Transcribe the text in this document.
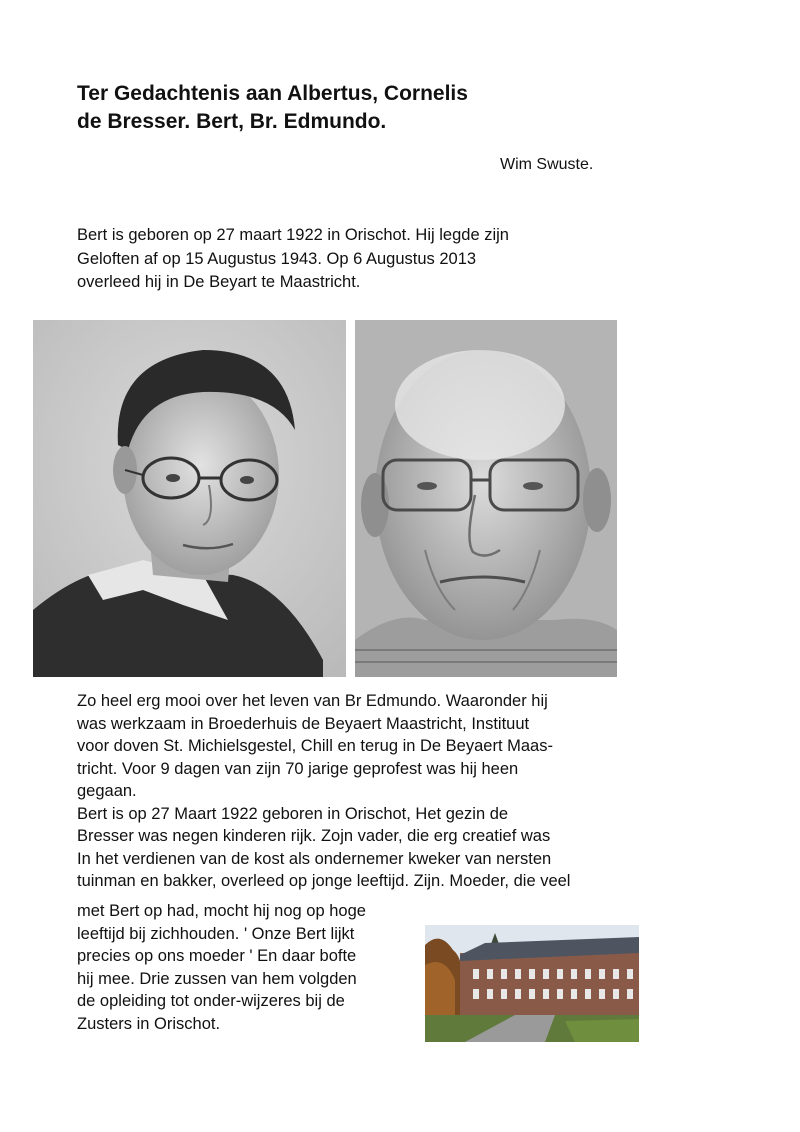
Ter Gedachtenis aan Albertus, Cornelis
de Bresser. Bert, Br. Edmundo.
Wim Swuste.

Bert is geboren op 27 maart 1922 in Orischot. Hij legde zijn
Geloften af op 15 Augustus 1943. Op 6 Augustus 2013
overleed hij in De Beyart te Maastricht.

Zo heel erg mooi over het leven van Br Edmundo. Waaronder hij
was werkzaam in Broederhuis de Beyaert Maastricht, Instituut
voor doven St. Michielsgestel, Chill en terug in De Beyaert Maas-
tricht. Voor 9 dagen van zijn 70 jarige geprofest was hij heen
gegaan.
Bert is op 27 Maart 1922 geboren in Orischot, Het gezin de
Bresser was negen kinderen rijk. Zojn vader, die erg creatief was
In het verdienen van de kost als ondernemer kweker van nersten
tuinman en bakker, overleed op jonge leeftijd. Zijn. Moeder, die veel

met Bert op had, mocht hij nog op hoge
leeftijd bij zichhouden. ' Onze Bert lijkt
precies op ons moeder ' En daar bofte
hij mee. Drie zussen van hem volgden
de opleiding tot onder-wijzeres bij de
Zusters in Orischot.
